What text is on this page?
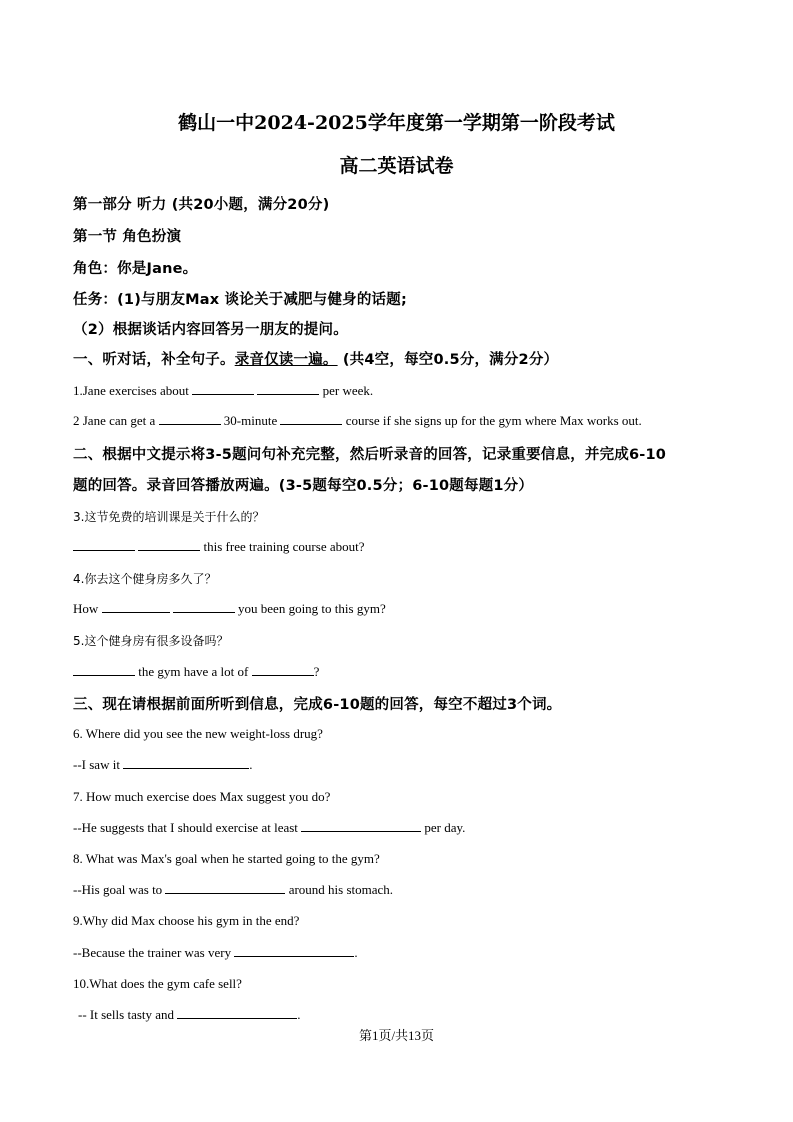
鹤山一中2024-2025学年度第一学期第一阶段考试
高二英语试卷
第一部分 听力 (共20小题，满分20分)
第一节 角色扮演
角色：你是Jane。
任务：(1)与朋友Max 谈论关于减肥与健身的话题;
（2）根据谈话内容回答另一朋友的提问。
一、听对话，补全句子。录音仅读一遍。 (共4空，每空0.5分，满分2分）
1.Jane exercises about	per week.
2 Jane can get a	30-minute	course if she signs up for the gym where Max works out.
二、根据中文提示将3-5题问句补充完整，然后听录音的回答，记录重要信息，并完成6-10
题的回答。录音回答播放两遍。(3-5题每空0.5分；6-10题每题1分）
3.这节免费的培训课是关于什么的？
this free training course about?
4.你去这个健身房多久了？
How	you been going to this gym?
5.这个健身房有很多设备吗？
the gym have a lot of	?
三、现在请根据前面所听到信息，完成6-10题的回答，每空不超过3个词。
6. Where did you see the new weight-loss drug?
--I saw it	.
7. How much exercise does Max suggest you do?
--He suggests that I should exercise at least	per day.
8. What was Max's goal when he started going to the gym?
--His goal was to	around his stomach.
9.Why did Max choose his gym in the end?
--Because the trainer was very	.
10.What does the gym cafe sell?
-- It sells tasty and	.
第1页/共13页
